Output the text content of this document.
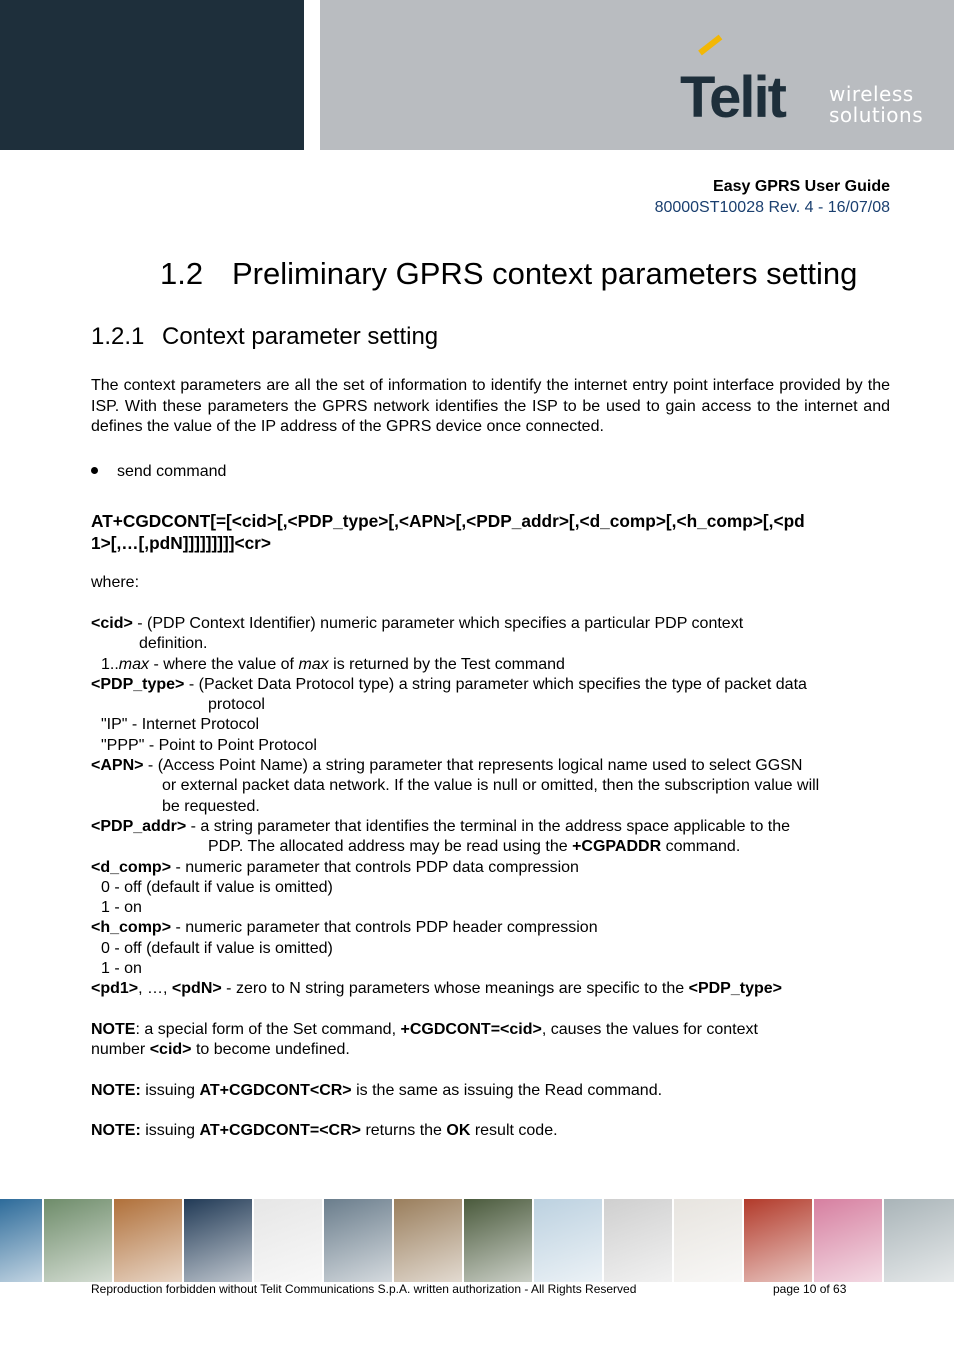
Telit wireless
solutions
Easy GPRS User Guide
80000ST10028 Rev. 4 - 16/07/08
1.2 Preliminary GPRS context parameters setting
1.2.1 Context parameter setting
The context parameters are all the set of information to identify the internet entry point interface provided by the ISP. With these parameters the GPRS network identifies the ISP to be used to gain access to the internet and defines the value of the IP address of the GPRS device once connected.
send command
AT+CGDCONT[=[<cid>[,<PDP_type>[,<APN>[,<PDP_addr>[,<d_comp>[,<h_comp>[,<pd
1>[,…[,pdN]]]]]]]]]<cr>
where:
<cid> - (PDP Context Identifier) numeric parameter which specifies a particular PDP context
definition.
1..max - where the value of max is returned by the Test command
<PDP_type> - (Packet Data Protocol type) a string parameter which specifies the type of packet data
protocol
"IP" - Internet Protocol
"PPP" - Point to Point Protocol
<APN> - (Access Point Name) a string parameter that represents logical name used to select GGSN
or external packet data network. If the value is null or omitted, then the subscription value will
be requested.
<PDP_addr> - a string parameter that identifies the terminal in the address space applicable to the
PDP. The allocated address may be read using the +CGPADDR command.
<d_comp> - numeric parameter that controls PDP data compression
0 - off (default if value is omitted)
1 - on
<h_comp> - numeric parameter that controls PDP header compression
0 - off (default if value is omitted)
1 - on
<pd1>, …, <pdN> - zero to N string parameters whose meanings are specific to the <PDP_type>
NOTE: a special form of the Set command, +CGDCONT=<cid>, causes the values for context
number <cid> to become undefined.
NOTE: issuing AT+CGDCONT<CR> is the same as issuing the Read command.
NOTE: issuing AT+CGDCONT=<CR> returns the OK result code.
Reproduction forbidden without Telit Communications S.p.A. written authorization - All Rights Reserved	page 10 of 63
